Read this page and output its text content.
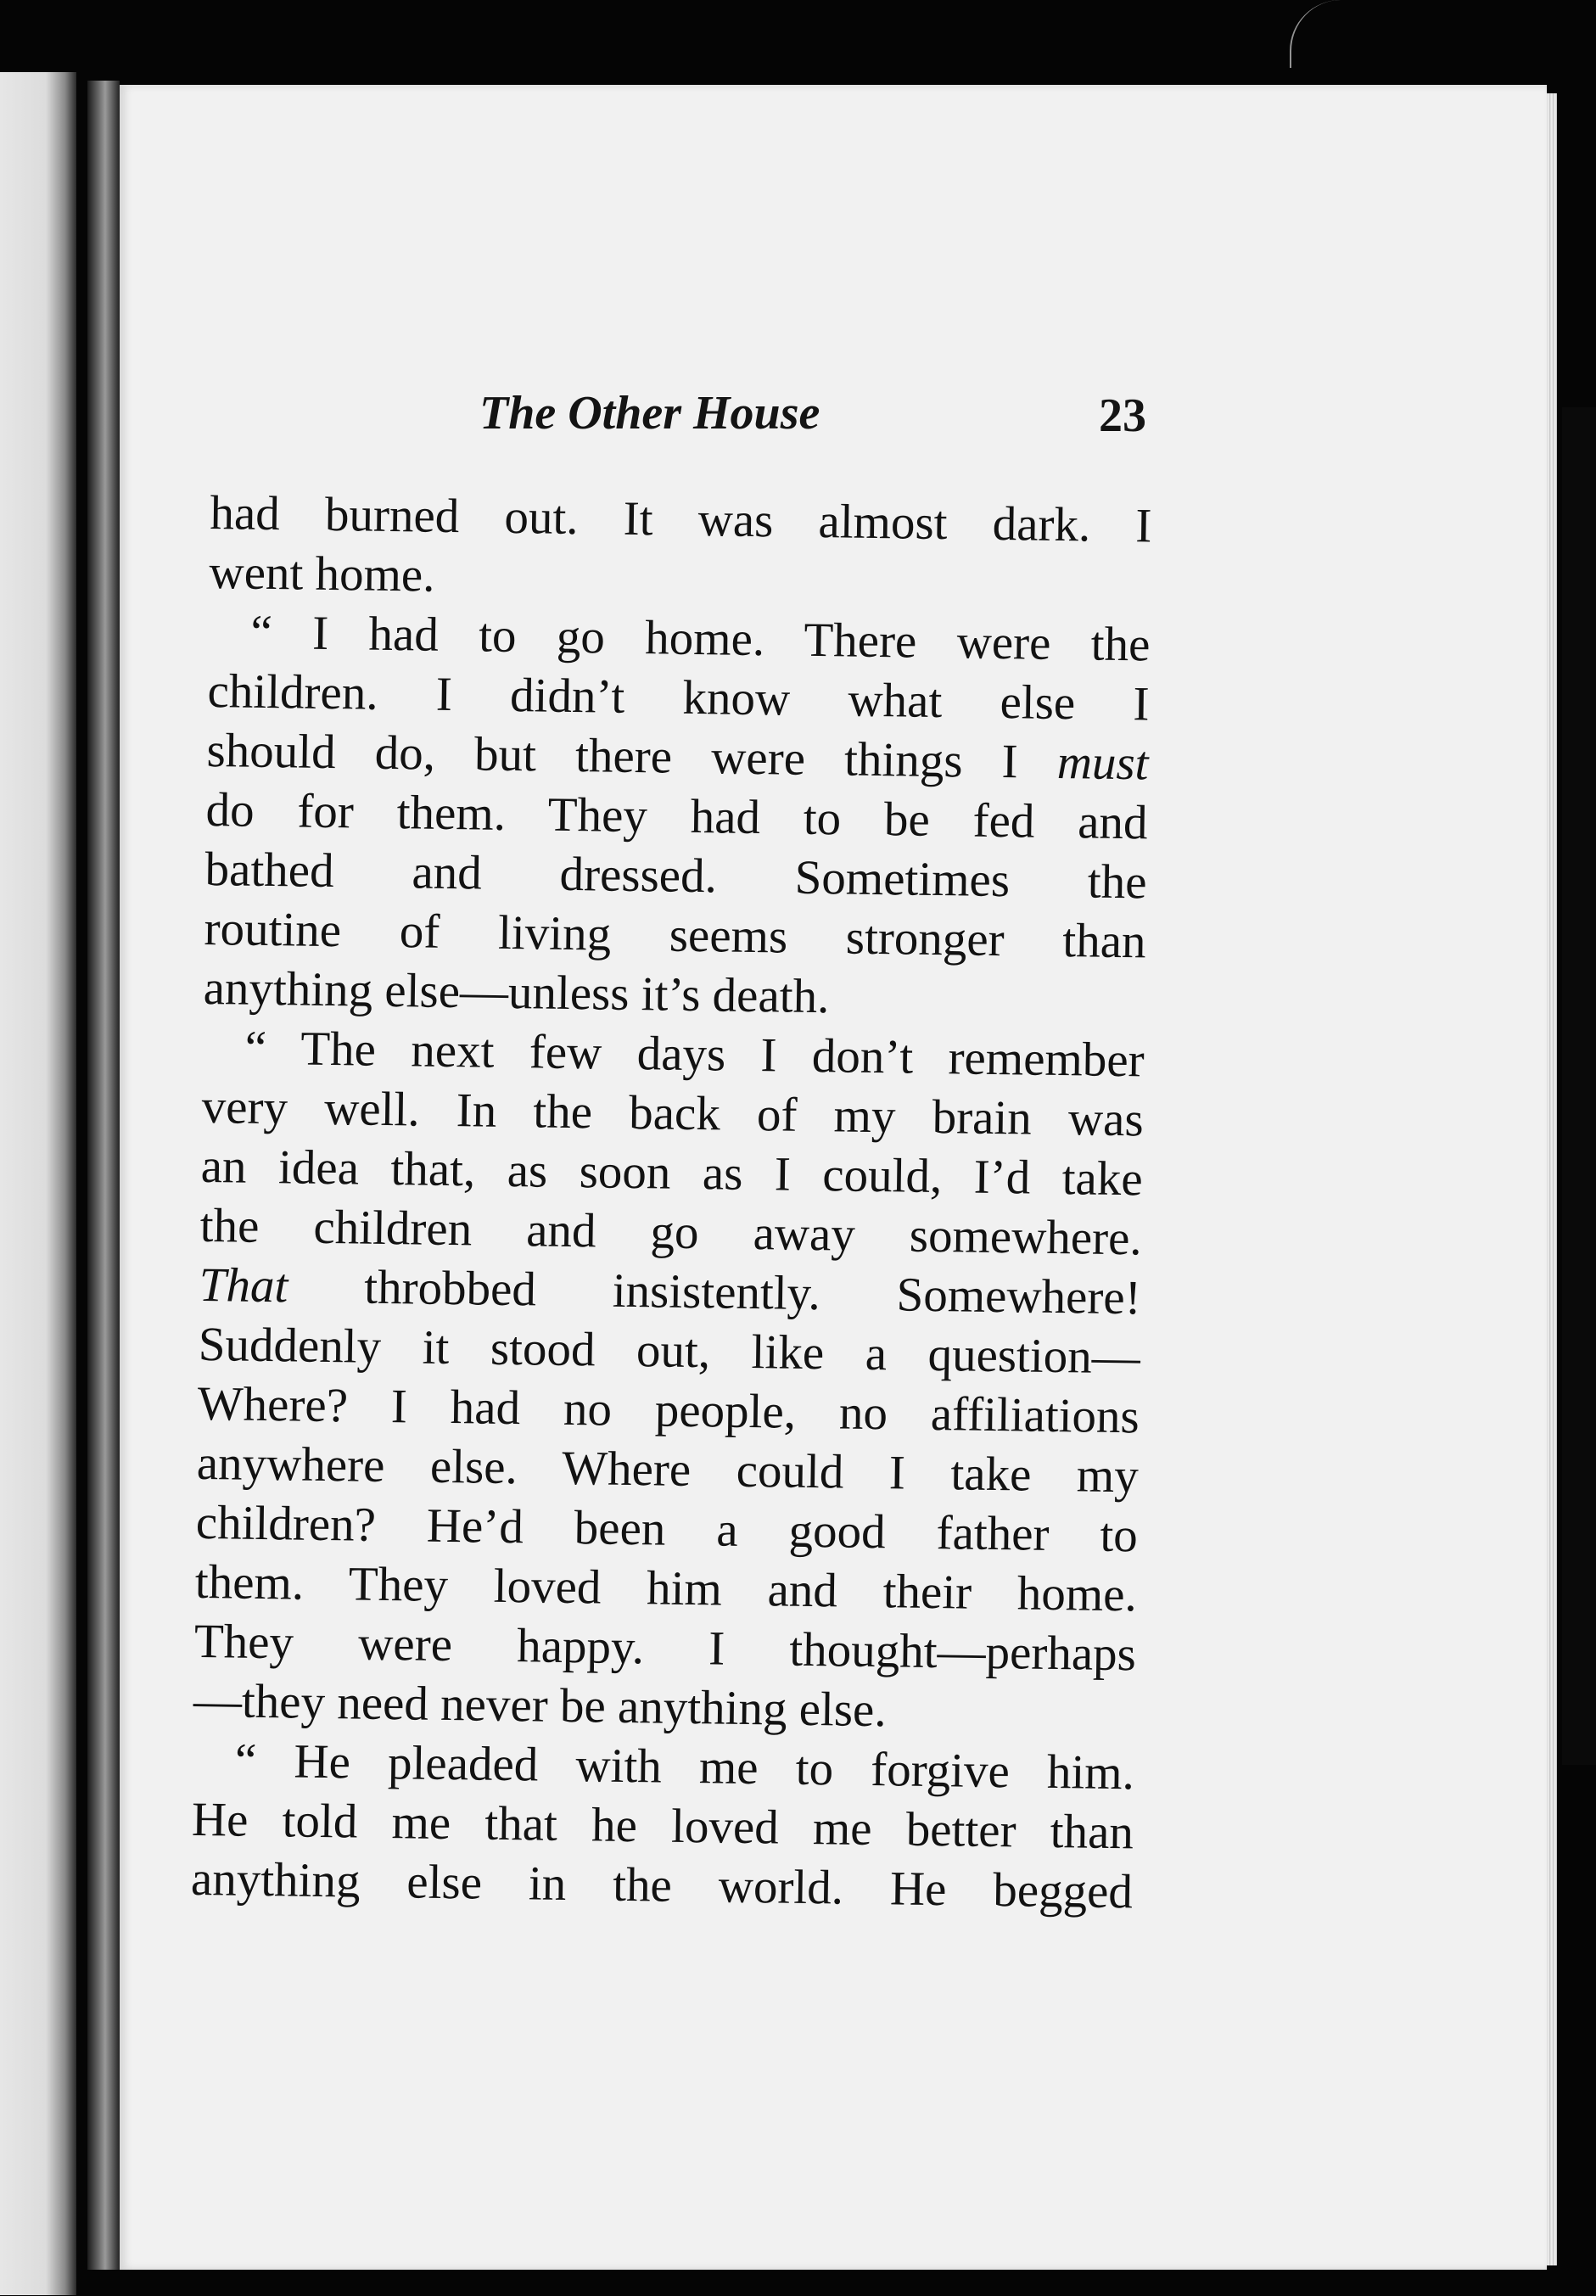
The Other House	23
had burned out. It was almost dark. I
went home.
“ I had to go home. There were the
children. I didn’t know what else I
should do, but there were things I must
do for them. They had to be fed and
bathed and dressed. Sometimes the
routine of living seems stronger than
anything else—unless it’s death.
“ The next few days I don’t remember
very well. In the back of my brain was
an idea that, as soon as I could, I’d take
the children and go away somewhere.
That throbbed insistently. Somewhere!
Suddenly it stood out, like a question—
Where? I had no people, no affiliations
anywhere else. Where could I take my
children? He’d been a good father to
them. They loved him and their home.
They were happy. I thought—perhaps
—they need never be anything else.
“ He pleaded with me to forgive him.
He told me that he loved me better than
anything else in the world. He begged
